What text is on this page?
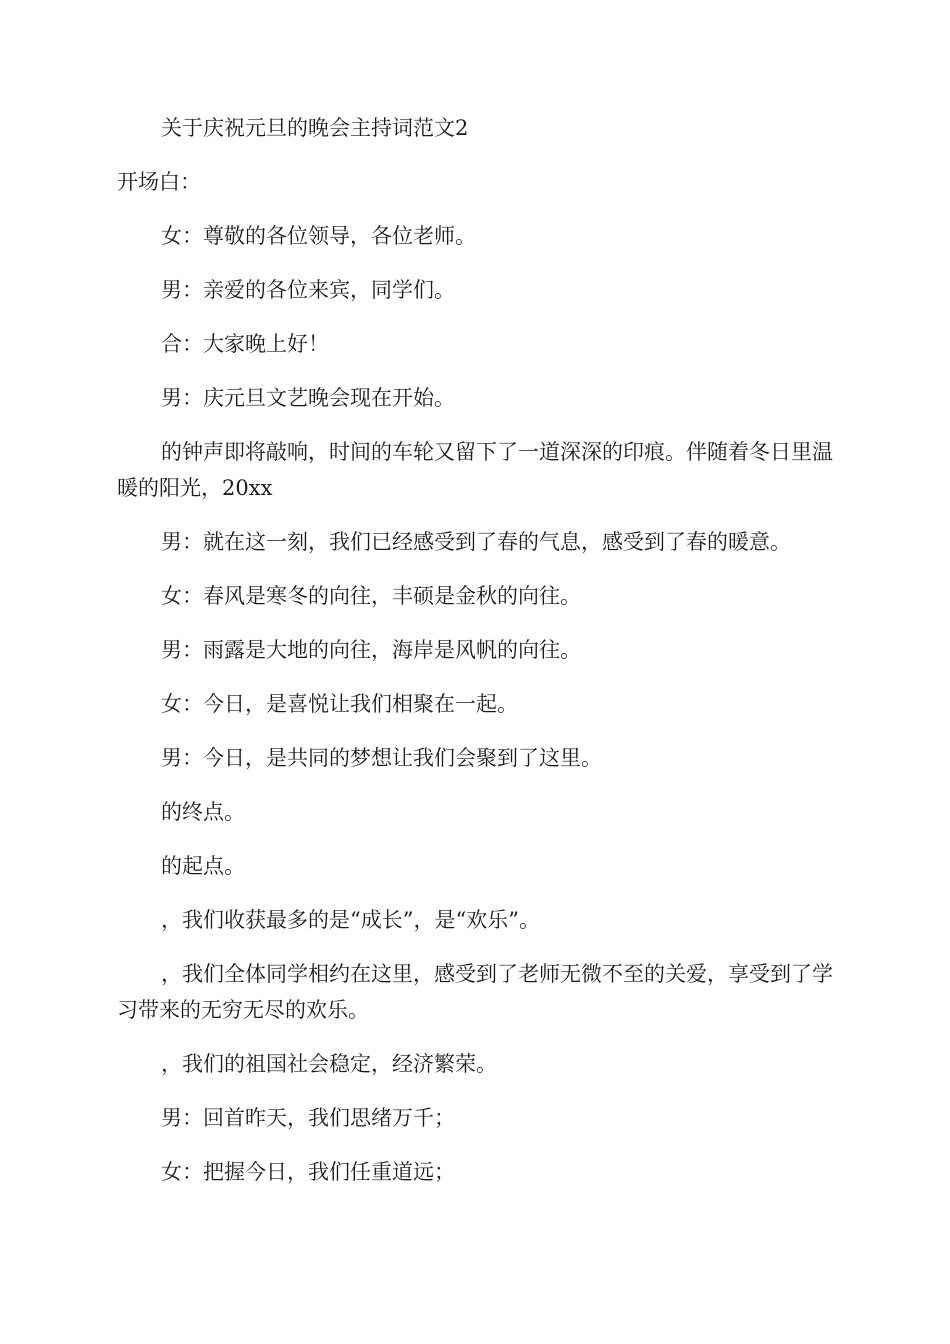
关于庆祝元旦的晚会主持词范文2

开场白：

女：尊敬的各位领导，各位老师。

男：亲爱的各位来宾，同学们。

合：大家晚上好！

男：庆元旦文艺晚会现在开始。

的钟声即将敲响，时间的车轮又留下了一道深深的印痕。伴随着冬日里温暖的阳光，20xx

男：就在这一刻，我们已经感受到了春的气息，感受到了春的暖意。

女：春风是寒冬的向往，丰硕是金秋的向往。

男：雨露是大地的向往，海岸是风帆的向往。

女：今日，是喜悦让我们相聚在一起。

男：今日，是共同的梦想让我们会聚到了这里。

的终点。

的起点。

，我们收获最多的是“成长”，是“欢乐”。

，我们全体同学相约在这里，感受到了老师无微不至的关爱，享受到了学习带来的无穷无尽的欢乐。

，我们的祖国社会稳定，经济繁荣。

男：回首昨天，我们思绪万千；

女：把握今日，我们任重道远；
